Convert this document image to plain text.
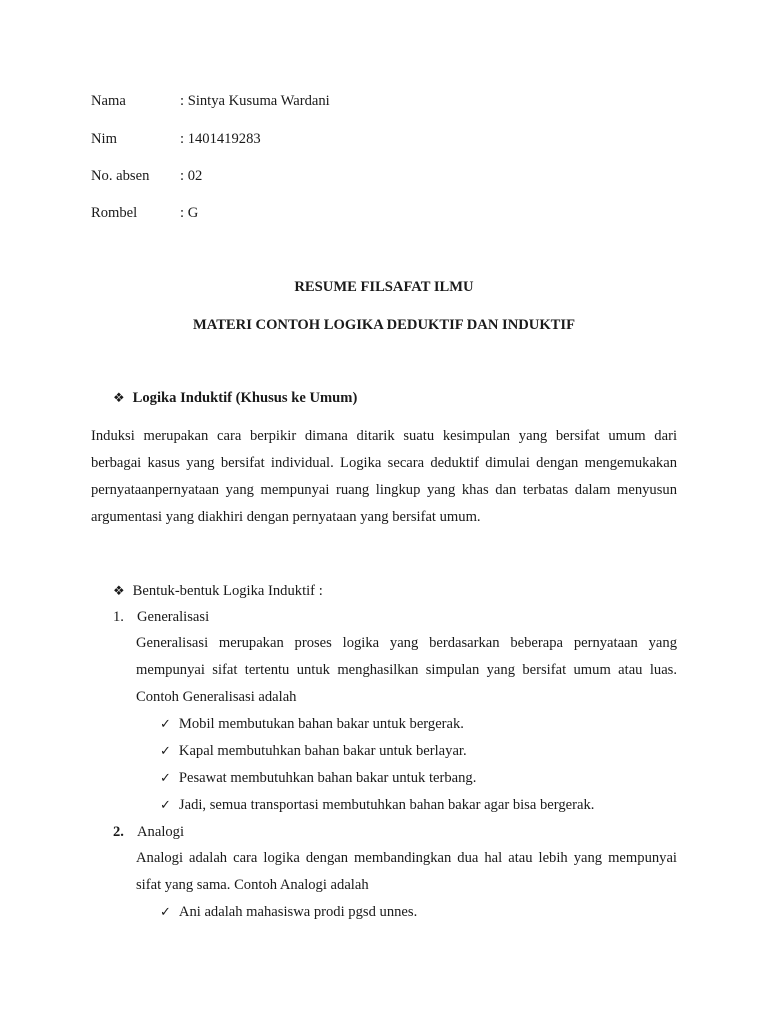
Nama	: Sintya Kusuma Wardani
Nim	: 1401419283
No. absen : 02
Rombel	: G
RESUME FILSAFAT ILMU
MATERI CONTOH LOGIKA DEDUKTIF DAN INDUKTIF
❖ Logika Induktif (Khusus ke Umum)
Induksi merupakan cara berpikir dimana ditarik suatu kesimpulan yang bersifat umum dari
berbagai kasus yang bersifat individual. Logika secara deduktif dimulai dengan mengemukakan
pernyataanpernyataan yang mempunyai ruang lingkup yang khas dan terbatas dalam menyusun
argumentasi yang diakhiri dengan pernyataan yang bersifat umum.
❖ Bentuk-bentuk Logika Induktif :
1. Generalisasi
Generalisasi merupakan proses logika yang berdasarkan beberapa pernyataan yang
mempunyai sifat tertentu untuk menghasilkan simpulan yang bersifat umum atau luas.
Contoh Generalisasi adalah
✓ Mobil membutukan bahan bakar untuk bergerak.
✓ Kapal membutuhkan bahan bakar untuk berlayar.
✓ Pesawat membutuhkan bahan bakar untuk terbang.
✓ Jadi, semua transportasi membutuhkan bahan bakar agar bisa bergerak.
2. Analogi
Analogi adalah cara logika dengan membandingkan dua hal atau lebih yang mempunyai
sifat yang sama. Contoh Analogi adalah
✓ Ani adalah mahasiswa prodi pgsd unnes.
